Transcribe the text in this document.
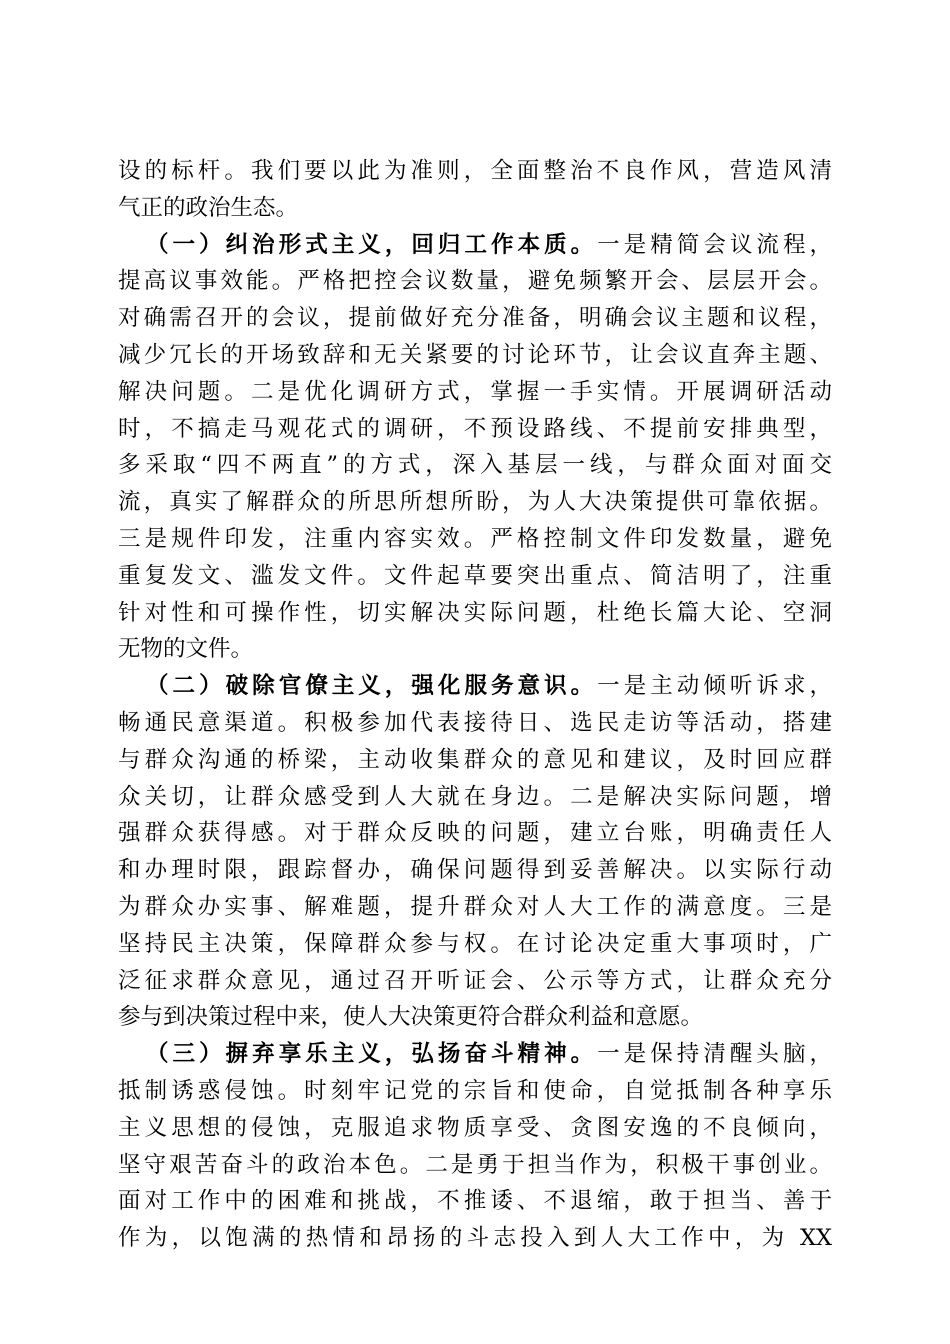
设的标杆。我们要以此为准则，全面整治不良作风，营造风清
气正的政治生态。
（一）纠治形式主义，回归工作本质。一是精简会议流程，
提高议事效能。严格把控会议数量，避免频繁开会、层层开会。
对确需召开的会议，提前做好充分准备，明确会议主题和议程，
减少冗长的开场致辞和无关紧要的讨论环节，让会议直奔主题、
解决问题。二是优化调研方式，掌握一手实情。开展调研活动
时，不搞走马观花式的调研，不预设路线、不提前安排典型，
多采取“四不两直”的方式，深入基层一线，与群众面对面交
流，真实了解群众的所思所想所盼，为人大决策提供可靠依据。
三是规件印发，注重内容实效。严格控制文件印发数量，避免
重复发文、滥发文件。文件起草要突出重点、简洁明了，注重
针对性和可操作性，切实解决实际问题，杜绝长篇大论、空洞
无物的文件。
（二）破除官僚主义，强化服务意识。一是主动倾听诉求，
畅通民意渠道。积极参加代表接待日、选民走访等活动，搭建
与群众沟通的桥梁，主动收集群众的意见和建议，及时回应群
众关切，让群众感受到人大就在身边。二是解决实际问题，增
强群众获得感。对于群众反映的问题，建立台账，明确责任人
和办理时限，跟踪督办，确保问题得到妥善解决。以实际行动
为群众办实事、解难题，提升群众对人大工作的满意度。三是
坚持民主决策，保障群众参与权。在讨论决定重大事项时，广
泛征求群众意见，通过召开听证会、公示等方式，让群众充分
参与到决策过程中来，使人大决策更符合群众利益和意愿。
（三）摒弃享乐主义，弘扬奋斗精神。一是保持清醒头脑，
抵制诱惑侵蚀。时刻牢记党的宗旨和使命，自觉抵制各种享乐
主义思想的侵蚀，克服追求物质享受、贪图安逸的不良倾向，
坚守艰苦奋斗的政治本色。二是勇于担当作为，积极干事创业。
面对工作中的困难和挑战，不推诿、不退缩，敢于担当、善于
作为，以饱满的热情和昂扬的斗志投入到人大工作中，为 XX
